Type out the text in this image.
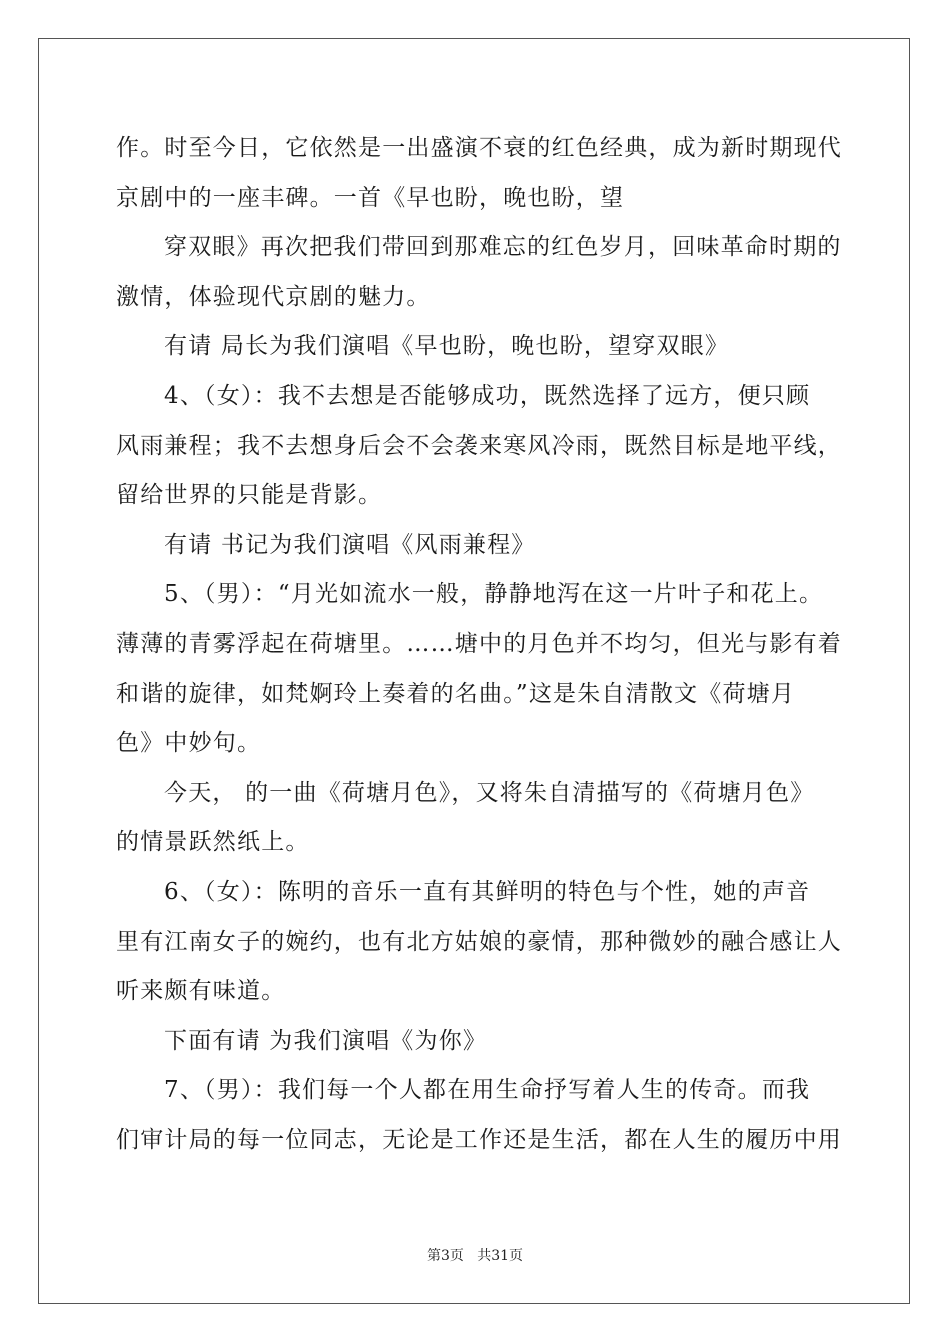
作。时至今日，它依然是一出盛演不衰的红色经典，成为新时期现代

京剧中的一座丰碑。一首《早也盼，晚也盼，望

穿双眼》再次把我们带回到那难忘的红色岁月，回味革命时期的

激情，体验现代京剧的魅力。

有请 局长为我们演唱《早也盼，晚也盼，望穿双眼》

4、（女）：我不去想是否能够成功，既然选择了远方，便只顾

风雨兼程；我不去想身后会不会袭来寒风冷雨，既然目标是地平线，

留给世界的只能是背影。

有请 书记为我们演唱《风雨兼程》

5、（男）：“月光如流水一般，静静地泻在这一片叶子和花上。

薄薄的青雾浮起在荷塘里。……塘中的月色并不均匀，但光与影有着

和谐的旋律，如梵婀玲上奏着的名曲。”这是朱自清散文《荷塘月

色》中妙句。

今天， 的一曲《荷塘月色》，又将朱自清描写的《荷塘月色》

的情景跃然纸上。

6、（女）：陈明的音乐一直有其鲜明的特色与个性，她的声音

里有江南女子的婉约，也有北方姑娘的豪情，那种微妙的融合感让人

听来颇有味道。

下面有请 为我们演唱《为你》

7、（男）：我们每一个人都在用生命抒写着人生的传奇。而我

们审计局的每一位同志，无论是工作还是生活，都在人生的履历中用

第3页   共31页
